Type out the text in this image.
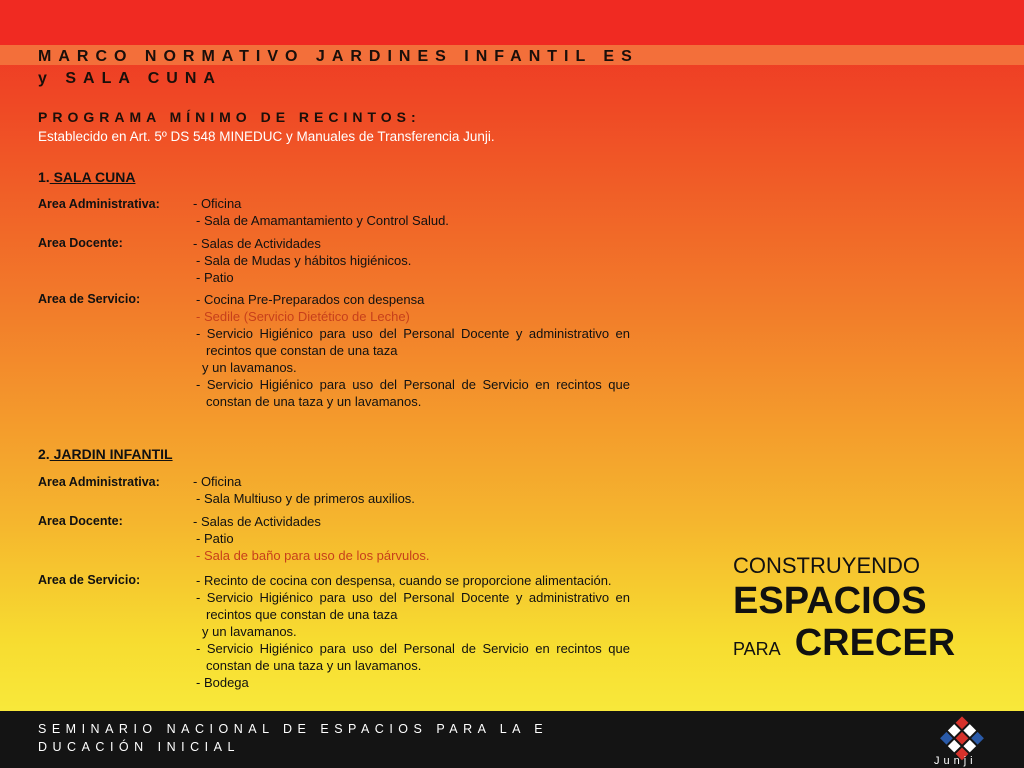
MARCO NORMATIVO JARDINES INFANTIL ES y SALA CUNA
PROGRAMA MÍNIMO DE RECINTOS:
Establecido en Art. 5º DS 548 MINEDUC y Manuales de Transferencia Junji.
1. SALA CUNA
Area Administrativa:	- Oficina
- Sala de Amamantamiento y Control Salud.
Area Docente:	- Salas de Actividades
- Sala de Mudas y hábitos higiénicos.
- Patio
Area de Servicio:	- Cocina Pre-Preparados con despensa
- Sedile (Servicio Dietético de Leche)
- Servicio Higiénico para uso del Personal Docente y administrativo en recintos que constan de una taza
y un lavamanos.
- Servicio Higiénico para uso del Personal de Servicio en recintos que constan de una taza y un lavamanos.
2. JARDIN INFANTIL
Area Administrativa:	- Oficina
- Sala Multiuso y de primeros auxilios.
Area Docente:	- Salas de Actividades
- Patio
- Sala de baño para uso de los párvulos.
Area de Servicio:	- Recinto de cocina con despensa, cuando se proporcione alimentación.
- Servicio Higiénico para uso del Personal Docente y administrativo en recintos que constan de una taza
y un lavamanos.
- Servicio Higiénico para uso del Personal de Servicio en recintos que constan de una taza y un lavamanos.
- Bodega
CONSTRUYENDO
ESPACIOS
PARA CRECER
SEMINARIO NACIONAL DE ESPACIOS PARA LA E DUCACIÓN INICIAL
Junji
